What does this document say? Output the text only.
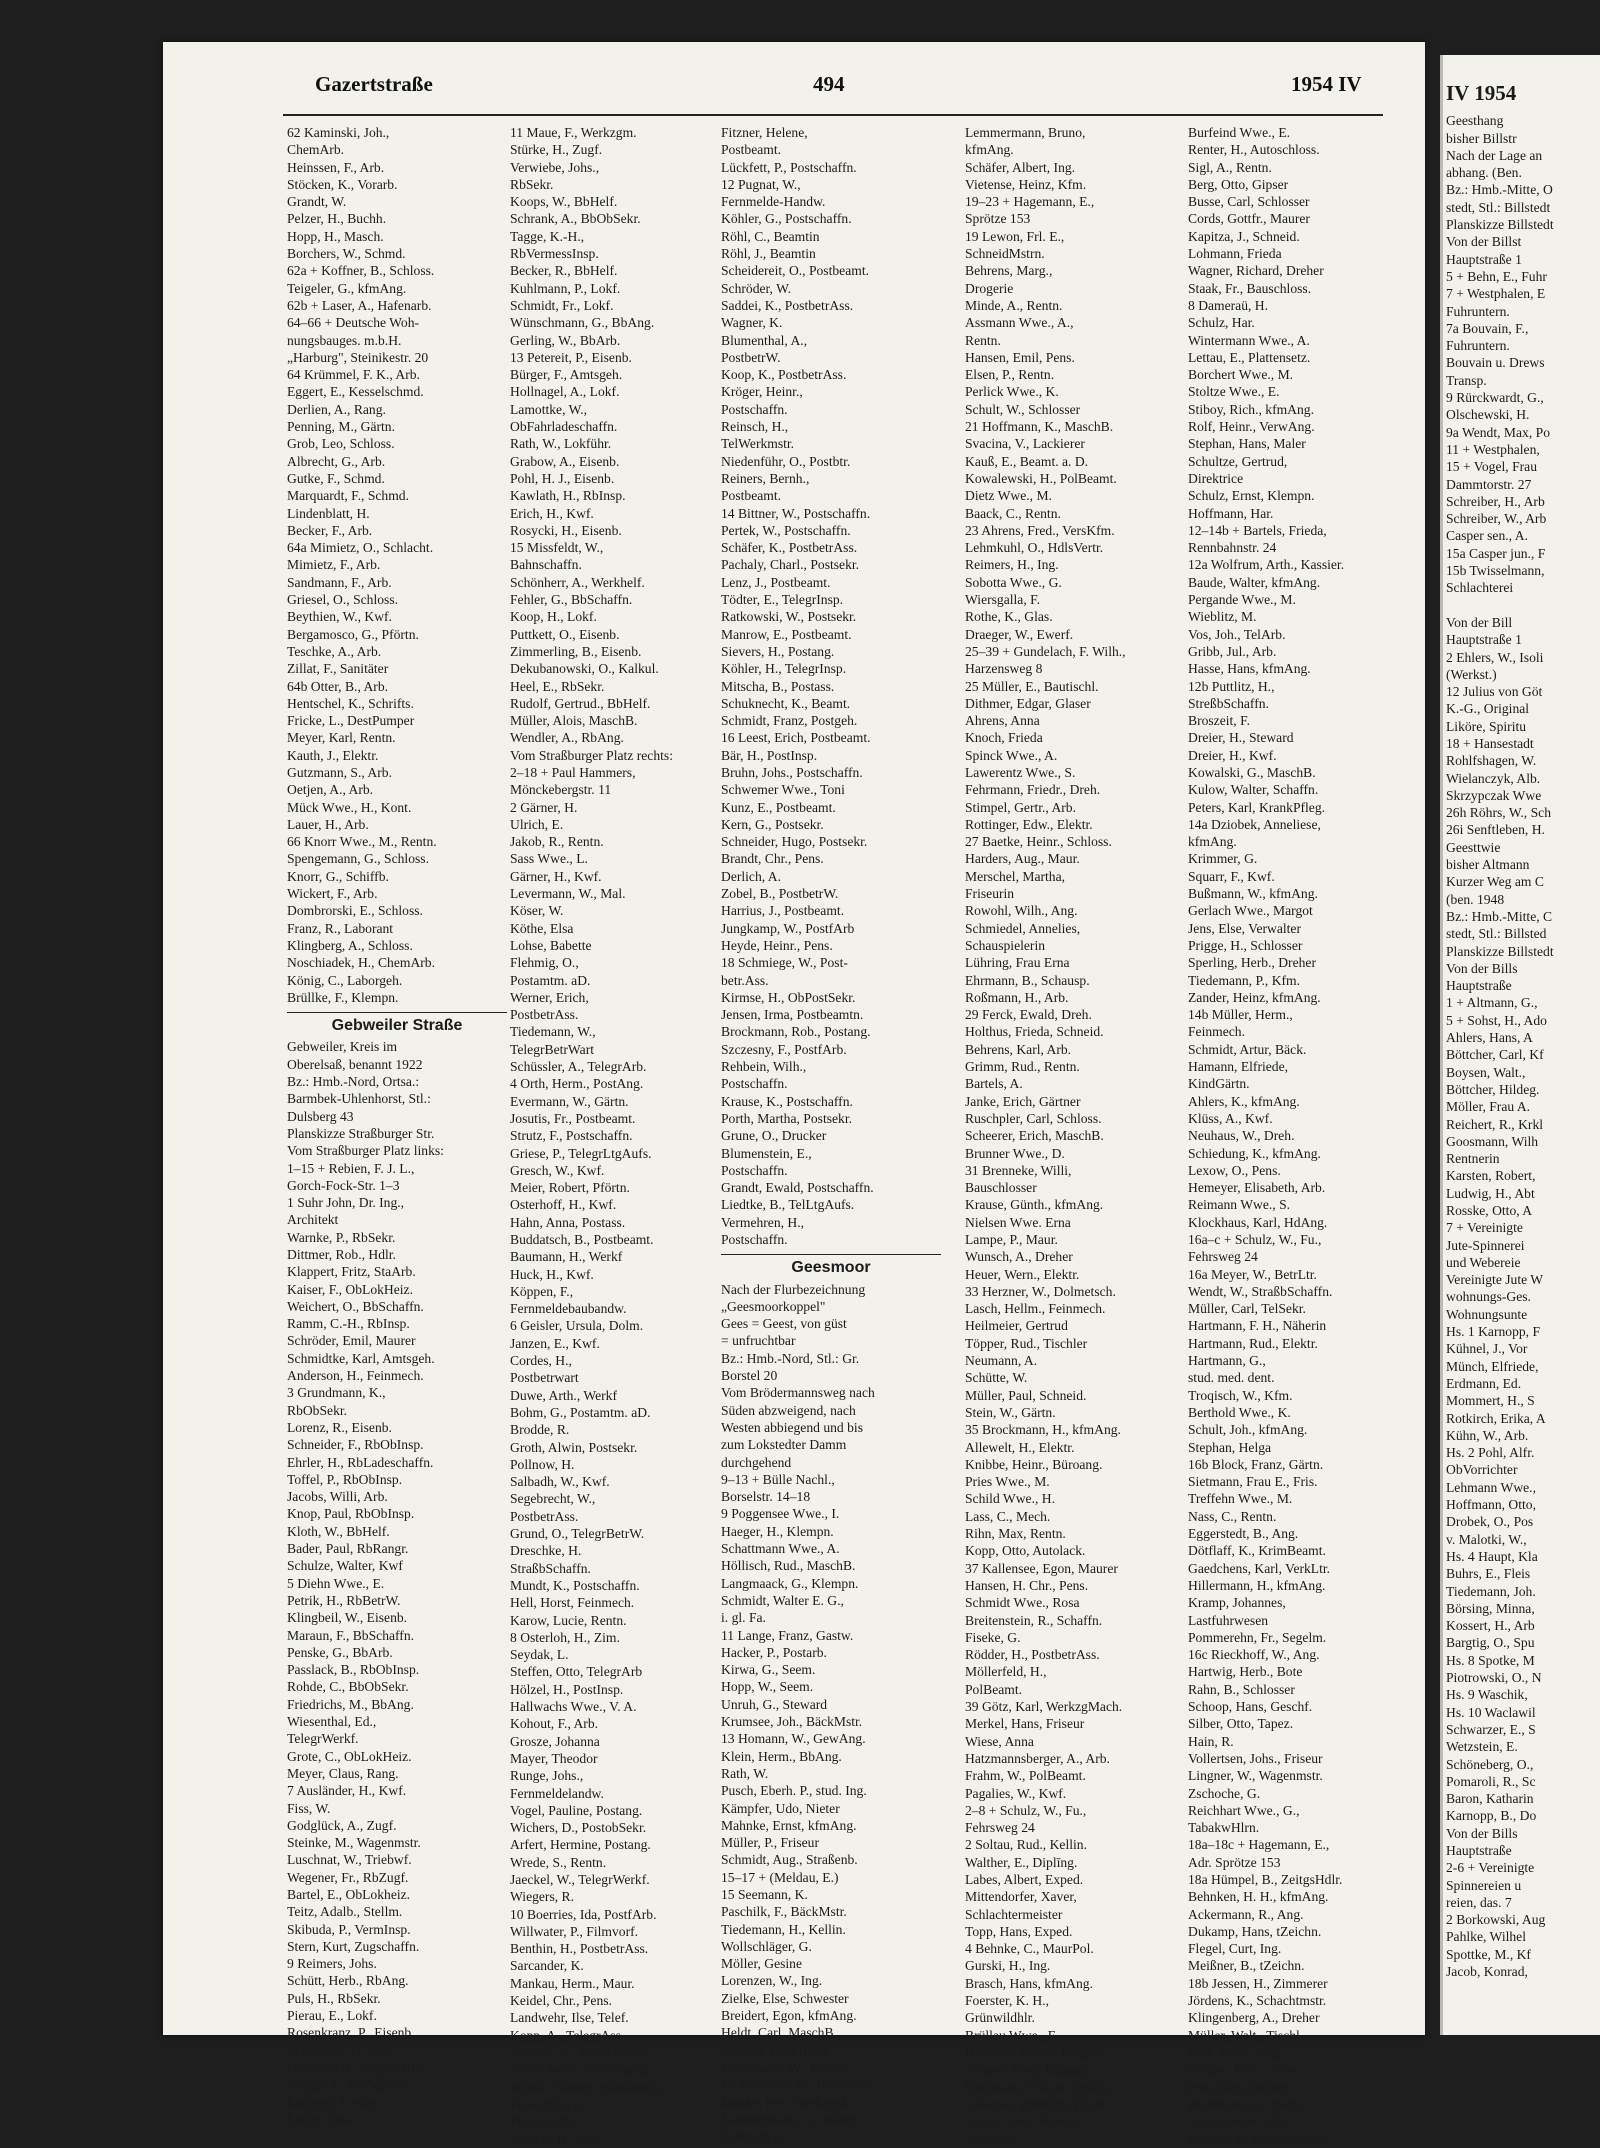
Gazertstraße	494	1954 IV
62 Kaminski, Joh.,
ChemArb.
Heinssen, F., Arb.
Stöcken, K., Vorarb.
Grandt, W.
Pelzer, H., Buchh.
Hopp, H., Masch.
Borchers, W., Schmd.
62a + Koffner, B., Schloss.
Teigeler, G., kfmAng.
62b + Laser, A., Hafenarb.
64–66 + Deutsche Woh-
nungsbauges. m.b.H.
„Harburg", Steinikestr. 20
64 Krümmel, F. K., Arb.
Eggert, E., Kesselschmd.
Derlien, A., Rang.
Penning, M., Gärtn.
Grob, Leo, Schloss.
Albrecht, G., Arb.
Gutke, F., Schmd.
Marquardt, F., Schmd.
Lindenblatt, H.
Becker, F., Arb.
64a Mimietz, O., Schlacht.
Mimietz, F., Arb.
Sandmann, F., Arb.
Griesel, O., Schloss.
Beythien, W., Kwf.
Bergamosco, G., Pförtn.
Teschke, A., Arb.
Zillat, F., Sanitäter
64b Otter, B., Arb.
Hentschel, K., Schrifts.
Fricke, L., DestPumper
Meyer, Karl, Rentn.
Kauth, J., Elektr.
Gutzmann, S., Arb.
Oetjen, A., Arb.
Mück Wwe., H., Kont.
Lauer, H., Arb.
66 Knorr Wwe., M., Rentn.
Spengemann, G., Schloss.
Knorr, G., Schiffb.
Wickert, F., Arb.
Dombrorski, E., Schloss.
Franz, R., Laborant
Klingberg, A., Schloss.
Noschiadek, H., ChemArb.
König, C., Laborgeh.
Brüllke, F., Klempn.
Gebweiler Straße
Gebweiler, Kreis im
Oberelsaß, benannt 1922
Bz.: Hmb.-Nord, Ortsa.:
Barmbek-Uhlenhorst, Stl.:
Dulsberg 43
Planskizze Straßburger Str.
Vom Straßburger Platz links:
1–15 + Rebien, F. J. L.,
Gorch-Fock-Str. 1–3
1 Suhr John, Dr. Ing.,
Architekt
Warnke, P., RbSekr.
Dittmer, Rob., Hdlr.
Klappert, Fritz, StaArb.
Kaiser, F., ObLokHeiz.
Weichert, O., BbSchaffn.
Ramm, C.-H., RbInsp.
Schröder, Emil, Maurer
Schmidtke, Karl, Amtsgeh.
Anderson, H., Feinmech.
3 Grundmann, K.,
RbObSekr.
Lorenz, R., Eisenb.
Schneider, F., RbObInsp.
Ehrler, H., RbLadeschaffn.
Toffel, P., RbObInsp.
Jacobs, Willi, Arb.
Knop, Paul, RbObInsp.
Kloth, W., BbHelf.
Bader, Paul, RbRangr.
Schulze, Walter, Kwf
5 Diehn Wwe., E.
Petrik, H., RbBetrW.
Klingbeil, W., Eisenb.
Maraun, F., BbSchaffn.
Penske, G., BbArb.
Passlack, B., RbObInsp.
Rohde, C., BbObSekr.
Friedrichs, M., BbAng.
Wiesenthal, Ed.,
TelegrWerkf.
Grote, C., ObLokHeiz.
Meyer, Claus, Rang.
7 Ausländer, H., Kwf.
Fiss, W.
Godglück, A., Zugf.
Steinke, M., Wagenmstr.
Luschnat, W., Triebwf.
Wegener, Fr., RbZugf.
Bartel, E., ObLokheiz.
Teitz, Adalb., Stellm.
Skibuda, P., VermInsp.
Stern, Kurt, Zugschaffn.
9 Reimers, Johs.
Schütt, Herb., RbAng.
Puls, H., RbSekr.
Pierau, E., Lokf.
Rosenkranz, P., Eisenb.
Martensen, H., Arb.
Heydorn, B., Zugschaffn.
Zengel, F., BbZugführ.
Langner, J., Kwf.
Lange, Otto
11 Maue, F., Werkzgm.
Stürke, H., Zugf.
Verwiebe, Johs.,
RbSekr.
Koops, W., BbHelf.
Schrank, A., BbObSekr.
Tagge, K.-H.,
RbVermessInsp.
Becker, R., BbHelf.
Kuhlmann, P., Lokf.
Schmidt, Fr., Lokf.
Wünschmann, G., BbAng.
Gerling, W., BbArb.
13 Petereit, P., Eisenb.
Bürger, F., Amtsgeh.
Hollnagel, A., Lokf.
Lamottke, W.,
ObFahrladeschaffn.
Rath, W., Lokführ.
Grabow, A., Eisenb.
Pohl, H. J., Eisenb.
Kawlath, H., RbInsp.
Erich, H., Kwf.
Rosycki, H., Eisenb.
15 Missfeldt, W.,
Bahnschaffn.
Schönherr, A., Werkhelf.
Fehler, G., BbSchaffn.
Koop, H., Lokf.
Puttkett, O., Eisenb.
Zimmerling, B., Eisenb.
Dekubanowski, O., Kalkul.
Heel, E., RbSekr.
Rudolf, Gertrud., BbHelf.
Müller, Alois, MaschB.
Wendler, A., RbAng.
Vom Straßburger Platz rechts:
2–18 + Paul Hammers,
Mönckebergstr. 11
2 Gärner, H.
Ulrich, E.
Jakob, R., Rentn.
Sass Wwe., L.
Gärner, H., Kwf.
Levermann, W., Mal.
Köser, W.
Köthe, Elsa
Lohse, Babette
Flehmig, O.,
Postamtm. aD.
Werner, Erich,
PostbetrAss.
Tiedemann, W.,
TelegrBetrWart
Schüssler, A., TelegrArb.
4 Orth, Herm., PostAng.
Evermann, W., Gärtn.
Josutis, Fr., Postbeamt.
Strutz, F., Postschaffn.
Griese, P., TelegrLtgAufs.
Gresch, W., Kwf.
Meier, Robert, Pförtn.
Osterhoff, H., Kwf.
Hahn, Anna, Postass.
Buddatsch, B., Postbeamt.
Baumann, H., Werkf
Huck, H., Kwf.
Köppen, F.,
Fernmeldebaubandw.
6 Geisler, Ursula, Dolm.
Janzen, E., Kwf.
Cordes, H.,
Postbetrwart
Duwe, Arth., Werkf
Bohm, G., Postamtm. aD.
Brodde, R.
Groth, Alwin, Postsekr.
Pollnow, H.
Salbadh, W., Kwf.
Segebrecht, W.,
PostbetrAss.
Grund, O., TelegrBetrW.
Dreschke, H.
StraßbSchaffn.
Mundt, K., Postschaffn.
Hell, Horst, Feinmech.
Karow, Lucie, Rentn.
8 Osterloh, H., Zim.
Seydak, L.
Steffen, Otto, TelegrArb
Hölzel, H., PostInsp.
Hallwachs Wwe., V. A.
Kohout, F., Arb.
Grosze, Johanna
Mayer, Theodor
Runge, Johs.,
Fernmeldelandw.
Vogel, Pauline, Postang.
Wichers, D., PostobSekr.
Arfert, Hermine, Postang.
Wrede, S., Rentn.
Jaeckel, W., TelegrWerkf.
Wiegers, R.
10 Boerries, Ida, PostfArb.
Willwater, P., Filmvorf.
Benthin, H., PostbetrAss.
Sarcander, K.
Mankau, Herm., Maur.
Keidel, Chr., Pens.
Landwehr, Ilse, Telef.
Kopp, A., TelegrAss.
Zimkeit, R., Postschaffn.
Meier, Willi, Postschaffn.
Scholz, Günter, Postschaffn.
Feuerstein, G.,
Postschaffn.
Bienert, B., Ang.
Fitzner, Helene,
Postbeamt.
Lückfett, P., Postschaffn.
12 Pugnat, W.,
Fernmelde-Handw.
Köhler, G., Postschaffn.
Röhl, C., Beamtin
Röhl, J., Beamtin
Scheidereit, O., Postbeamt.
Schröder, W.
Saddei, K., PostbetrAss.
Wagner, K.
Blumenthal, A.,
PostbetrW.
Koop, K., PostbetrAss.
Kröger, Heinr.,
Postschaffn.
Reinsch, H.,
TelWerkmstr.
Niedenführ, O., Postbtr.
Reiners, Bernh.,
Postbeamt.
14 Bittner, W., Postschaffn.
Pertek, W., Postschaffn.
Schäfer, K., PostbetrAss.
Pachaly, Charl., Postsekr.
Lenz, J., Postbeamt.
Tödter, E., TelegrInsp.
Ratkowski, W., Postsekr.
Manrow, E., Postbeamt.
Sievers, H., Postang.
Köhler, H., TelegrInsp.
Mitscha, B., Postass.
Schuknecht, K., Beamt.
Schmidt, Franz, Postgeh.
16 Leest, Erich, Postbeamt.
Bär, H., PostInsp.
Bruhn, Johs., Postschaffn.
Schwemer Wwe., Toni
Kunz, E., Postbeamt.
Kern, G., Postsekr.
Schneider, Hugo, Postsekr.
Brandt, Chr., Pens.
Derlich, A.
Zobel, B., PostbetrW.
Harrius, J., Postbeamt.
Jungkamp, W., PostfArb
Heyde, Heinr., Pens.
18 Schmiege, W., Post-
betr.Ass.
Kirmse, H., ObPostSekr.
Jensen, Irma, Postbeamtn.
Brockmann, Rob., Postang.
Szczesny, F., PostfArb.
Rehbein, Wilh.,
Postschaffn.
Krause, K., Postschaffn.
Porth, Martha, Postsekr.
Grune, O., Drucker
Blumenstein, E.,
Postschaffn.
Grandt, Ewald, Postschaffn.
Liedtke, B., TelLtgAufs.
Vermehren, H.,
Postschaffn.
Geesmoor
Nach der Flurbezeichnung
„Geesmoorkoppel"
Gees = Geest, von güst
= unfruchtbar
Bz.: Hmb.-Nord, Stl.: Gr.
Borstel 20
Vom Brödermannsweg nach
Süden abzweigend, nach
Westen abbiegend und bis
zum Lokstedter Damm
durchgehend
9–13 + Bülle Nachl.,
Borselstr. 14–18
9 Poggensee Wwe., I.
Haeger, H., Klempn.
Schattmann Wwe., A.
Höllisch, Rud., MaschB.
Langmaack, G., Klempn.
Schmidt, Walter E. G.,
i. gl. Fa.
11 Lange, Franz, Gastw.
Hacker, P., Postarb.
Kirwa, G., Seem.
Hopp, W., Seem.
Unruh, G., Steward
Krumsee, Joh., BäckMstr.
13 Homann, W., GewAng.
Klein, Herm., BbAng.
Rath, W.
Pusch, Eberh. P., stud. Ing.
Kämpfer, Udo, Nieter
Mahnke, Ernst, kfmAng.
Müller, P., Friseur
Schmidt, Aug., Straßenb.
15–17 + (Meldau, E.)
15 Seemann, K.
Paschilk, F., BäckMstr.
Tiedemann, H., Kellin.
Wollschläger, G.
Möller, Gesine
Lorenzen, W., Ing.
Zielke, Else, Schwester
Breidert, Egon, kfmAng.
Heldt, Carl, MaschB.
Grunert, Frau Herta
Tiedemann, W., Kellner
17 Andresen, G., Bauführer
Jahnke, Pet., WerkzgM.
Lemmermann, A., Rentn.
Schmidt, K.
Lemmermann, Bruno,
kfmAng.
Schäfer, Albert, Ing.
Vietense, Heinz, Kfm.
19–23 + Hagemann, E.,
Sprötze 153
19 Lewon, Frl. E.,
SchneidMstrn.
Behrens, Marg.,
Drogerie
Minde, A., Rentn.
Assmann Wwe., A.,
Rentn.
Hansen, Emil, Pens.
Elsen, P., Rentn.
Perlick Wwe., K.
Schult, W., Schlosser
21 Hoffmann, K., MaschB.
Svacina, V., Lackierer
Kauß, E., Beamt. a. D.
Kowalewski, H., PolBeamt.
Dietz Wwe., M.
Baack, C., Rentn.
23 Ahrens, Fred., VersKfm.
Lehmkuhl, O., HdlsVertr.
Reimers, H., Ing.
Sobotta Wwe., G.
Wiersgalla, F.
Rothe, K., Glas.
Draeger, W., Ewerf.
25–39 + Gundelach, F. Wilh.,
Harzensweg 8
25 Müller, E., Bautischl.
Dithmer, Edgar, Glaser
Ahrens, Anna
Knoch, Frieda
Spinck Wwe., A.
Lawerentz Wwe., S.
Fehrmann, Friedr., Dreh.
Stimpel, Gertr., Arb.
Rottinger, Edw., Elektr.
27 Baetke, Heinr., Schloss.
Harders, Aug., Maur.
Merschel, Martha,
Friseurin
Rowohl, Wilh., Ang.
Schmiedel, Annelies,
Schauspielerin
Lühring, Frau Erna
Ehrmann, B., Schausp.
Roßmann, H., Arb.
29 Ferck, Ewald, Dreh.
Holthus, Frieda, Schneid.
Behrens, Karl, Arb.
Grimm, Rud., Rentn.
Bartels, A.
Janke, Erich, Gärtner
Ruschpler, Carl, Schloss.
Scheerer, Erich, MaschB.
Brunner Wwe., D.
31 Brenneke, Willi,
Bauschlosser
Krause, Günth., kfmAng.
Nielsen Wwe. Erna
Lampe, P., Maur.
Wunsch, A., Dreher
Heuer, Wern., Elektr.
33 Herzner, W., Dolmetsch.
Lasch, Hellm., Feinmech.
Heilmeier, Gertrud
Töpper, Rud., Tischler
Neumann, A.
Schütte, W.
Müller, Paul, Schneid.
Stein, W., Gärtn.
35 Brockmann, H., kfmAng.
Allewelt, H., Elektr.
Knibbe, Heinr., Büroang.
Pries Wwe., M.
Schild Wwe., H.
Lass, C., Mech.
Rihn, Max, Rentn.
Kopp, Otto, Autolack.
37 Kallensee, Egon, Maurer
Hansen, H. Chr., Pens.
Schmidt Wwe., Rosa
Breitenstein, R., Schaffn.
Fiseke, G.
Rödder, H., PostbetrAss.
Möllerfeld, H.,
PolBeamt.
39 Götz, Karl, WerkzgMach.
Merkel, Hans, Friseur
Wiese, Anna
Hatzmannsberger, A., Arb.
Frahm, W., PolBeamt.
Pagalies, W., Kwf.
2–8 + Schulz, W., Fu.,
Fehrsweg 24
2 Soltau, Rud., Kellin.
Walther, E., Diplīng.
Labes, Albert, Exped.
Mittendorfer, Xaver,
Schlachtermeister
Topp, Hans, Exped.
4 Behnke, C., MaurPol.
Gurski, H., Ing.
Brasch, Hans, kfmAng.
Foerster, K. H.,
Grünwildhlr.
Brüllau Wwe., F.
Homann, Walter, Drogist
Sellmer, Otto, Bauing.
Hoffmann, Frau B., Putzfr.
6 Asmus, Wilhelm, Tischl.
Schulz, Otto, Werks-
vertretgn.
Burfeind Wwe., E.
Renter, H., Autoschloss.
Sigl, A., Rentn.
Berg, Otto, Gipser
Busse, Carl, Schlosser
Cords, Gottfr., Maurer
Kapitza, J., Schneid.
Lohmann, Frieda
Wagner, Richard, Dreher
Staak, Fr., Bauschloss.
8 Dameraü, H.
Schulz, Har.
Wintermann Wwe., A.
Lettau, E., Plattensetz.
Borchert Wwe., M.
Stoltze Wwe., E.
Stiboy, Rich., kfmAng.
Rolf, Heinr., VerwAng.
Stephan, Hans, Maler
Schultze, Gertrud,
Direktrice
Schulz, Ernst, Klempn.
Hoffmann, Har.
12–14b + Bartels, Frieda,
Rennbahnstr. 24
12a Wolfrum, Arth., Kassier.
Baude, Walter, kfmAng.
Pergande Wwe., M.
Wieblitz, M.
Vos, Joh., TelArb.
Gribb, Jul., Arb.
Hasse, Hans, kfmAng.
12b Puttlitz, H.,
StreßbSchaffn.
Broszeit, F.
Dreier, H., Steward
Dreier, H., Kwf.
Kowalski, G., MaschB.
Kulow, Walter, Schaffn.
Peters, Karl, KrankPfleg.
14a Dziobek, Anneliese,
kfmAng.
Krimmer, G.
Squarr, F., Kwf.
Bußmann, W., kfmAng.
Gerlach Wwe., Margot
Jens, Else, Verwalter
Prigge, H., Schlosser
Sperling, Herb., Dreher
Tiedemann, P., Kfm.
Zander, Heinz, kfmAng.
14b Müller, Herm.,
Feinmech.
Schmidt, Artur, Bäck.
Hamann, Elfriede,
KindGärtn.
Ahlers, K., kfmAng.
Klüss, A., Kwf.
Neuhaus, W., Dreh.
Schiedung, K., kfmAng.
Lexow, O., Pens.
Hemeyer, Elisabeth, Arb.
Reimann Wwe., S.
Klockhaus, Karl, HdAng.
16a–c + Schulz, W., Fu.,
Fehrsweg 24
16a Meyer, W., BetrLtr.
Wendt, W., StraßbSchaffn.
Müller, Carl, TelSekr.
Hartmann, F. H., Näherin
Hartmann, Rud., Elektr.
Hartmann, G.,
stud. med. dent.
Troqisch, W., Kfm.
Berthold Wwe., K.
Schult, Joh., kfmAng.
Stephan, Helga
16b Block, Franz, Gärtn.
Sietmann, Frau E., Fris.
Treffehn Wwe., M.
Nass, C., Rentn.
Eggerstedt, B., Ang.
Dötflaff, K., KrimBeamt.
Gaedchens, Karl, VerkLtr.
Hillermann, H., kfmAng.
Kramp, Johannes,
Lastfuhrwesen
Pommerehn, Fr., Segelm.
16c Rieckhoff, W., Ang.
Hartwig, Herb., Bote
Rahn, B., Schlosser
Schoop, Hans, Geschf.
Silber, Otto, Tapez.
Hain, R.
Vollertsen, Johs., Friseur
Lingner, W., Wagenmstr.
Zschoche, G.
Reichhart Wwe., G.,
TabakwHlrn.
18a–18c + Hagemann, E.,
Adr. Sprötze 153
18a Hümpel, B., ZeitgsHdlr.
Behnken, H. H., kfmAng.
Ackermann, R., Ang.
Dukamp, Hans, tZeichn.
Flegel, Curt, Ing.
Meißner, B., tZeichn.
18b Jessen, H., Zimmerer
Jördens, K., Schachtmstr.
Klingenberg, A., Dreher
Müller, Walt., Tischl.
Vick, Erich, Ang.
Genthe, Rich., Pens.
Prüs, Kurt, Dreher
Pechmann, H., Dreh.
Scheel Wwe., Chr.
Meinhardt, Franz, Bäcker
IV 1954
Geesthang
bisher Billstr
Nach der Lage an
abhang. (Ben.
Bz.: Hmb.-Mitte, O
stedt, Stl.: Billstedt
Planskizze Billstedt
Von der Billst
Hauptstraße 1
5 + Behn, E., Fuhr
7 + Westphalen, E
Fuhruntern.
7a Bouvain, F.,
Fuhruntern.
Bouvain u. Drews
Transp.
9 Rürckwardt, G.,
Olschewski, H.
9a Wendt, Max, Po
11 + Westphalen,
15 + Vogel, Frau
Dammtorstr. 27
Schreiber, H., Arb
Schreiber, W., Arb
Casper sen., A.
15a Casper jun., F
15b Twisselmann,
Schlachterei

Von der Bill
Hauptstraße 1
2 Ehlers, W., Isoli
(Werkst.)
12 Julius von Göt
K.-G., Original
Liköre, Spiritu
18 + Hansestadt
Rohlfshagen, W.
Wielanczyk, Alb.
Skrzypczak Wwe
26h Röhrs, W., Sch
26i Senftleben, H.
Geesttwie
bisher Altmann
Kurzer Weg am C
(ben. 1948
Bz.: Hmb.-Mitte, C
stedt, Stl.: Billsted
Planskizze Billstedt
Von der Bills
Hauptstraße
1 + Altmann, G.,
5 + Sohst, H., Ado
Ahlers, Hans, A
Böttcher, Carl, Kf
Boysen, Walt.,
Böttcher, Hildeg.
Möller, Frau A.
Reichert, R., Krkl
Goosmann, Wilh
Rentnerin
Karsten, Robert,
Ludwig, H., Abt
Rosske, Otto, A
7 + Vereinigte
Jute-Spinnerei
und Webereie
Vereinigte Jute W
wohnungs-Ges.
Wohnungsunte
Hs. 1 Karnopp, F
Kühnel, J., Vor
Münch, Elfriede,
Erdmann, Ed.
Mommert, H., S
Rotkirch, Erika, A
Kühn, W., Arb.
Hs. 2 Pohl, Alfr.
ObVorrichter
Lehmann Wwe.,
Hoffmann, Otto,
Drobek, O., Pos
v. Malotki, W.,
Hs. 4 Haupt, Kla
Buhrs, E., Fleis
Tiedemann, Joh.
Börsing, Minna,
Kossert, H., Arb
Bargtig, O., Spu
Hs. 8 Spotke, M
Piotrowski, O., N
Hs. 9 Waschik,
Hs. 10 Waclawil
Schwarzer, E., S
Wetzstein, E.
Schöneberg, O.,
Pomaroli, R., Sc
Baron, Katharin
Karnopp, B., Do
Von der Bills
Hauptstraße
2-6 + Vereinigte
Spinnereien u
reien, das. 7
2 Borkowski, Aug
Pahlke, Wilhel
Spottke, M., Kf
Jacob, Konrad,
